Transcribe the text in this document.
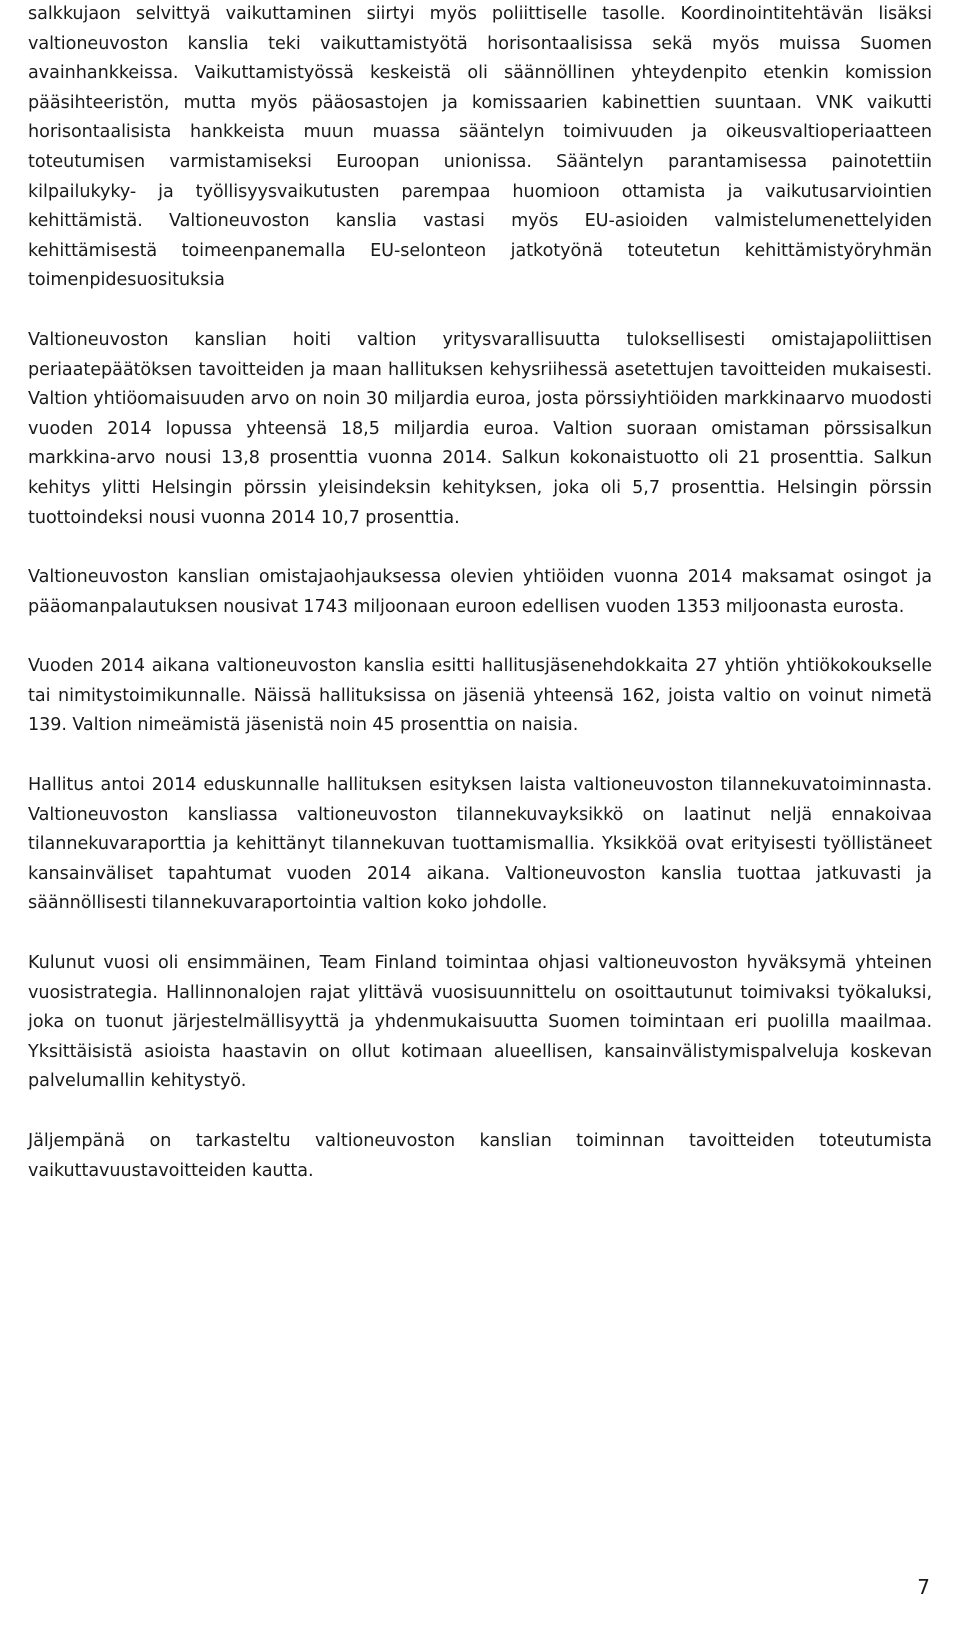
salkkujaon selvittyä vaikuttaminen siirtyi myös poliittiselle tasolle. Koordinointitehtävän lisäksi valtioneuvoston kanslia teki vaikuttamistyötä horisontaalisissa sekä myös muissa Suomen avainhankkeissa. Vaikuttamistyössä keskeistä oli säännöllinen yhteydenpito etenkin komission pääsihteeristön, mutta myös pääosastojen ja komissaarien kabinettien suuntaan. VNK vaikutti horisontaalisista hankkeista muun muassa sääntelyn toimivuuden ja oikeusvaltioperiaatteen toteutumisen varmistamiseksi Euroopan unionissa. Sääntelyn parantamisessa painotettiin kilpailukyky- ja työllisyysvaikutusten parempaa huomioon ottamista ja vaikutusarviointien kehittämistä. Valtioneuvoston kanslia vastasi myös EU-asioiden valmistelumenettelyiden kehittämisestä toimeenpanemalla EU-selonteon jatkotyönä toteutetun kehittämistyöryhmän toimenpidesuosituksia

Valtioneuvoston kanslian hoiti valtion yritysvarallisuutta tuloksellisesti omistajapoliittisen periaatepäätöksen tavoitteiden ja maan hallituksen kehysriihessä asetettujen tavoitteiden mukaisesti. Valtion yhtiöomaisuuden arvo on noin 30 miljardia euroa, josta pörssiyhtiöiden markkinaarvo muodosti vuoden 2014 lopussa yhteensä 18,5 miljardia euroa. Valtion suoraan omistaman pörssisalkun markkina-arvo nousi 13,8 prosenttia vuonna 2014. Salkun kokonaistuotto oli 21 prosenttia. Salkun kehitys ylitti Helsingin pörssin yleisindeksin kehityksen, joka oli 5,7 prosenttia. Helsingin pörssin tuottoindeksi nousi vuonna 2014 10,7 prosenttia.

Valtioneuvoston kanslian omistajaohjauksessa olevien yhtiöiden vuonna 2014 maksamat osingot ja pääomanpalautuksen nousivat 1743 miljoonaan euroon edellisen vuoden 1353 miljoonasta eurosta.

Vuoden 2014 aikana valtioneuvoston kanslia esitti hallitusjäsenehdokkaita 27 yhtiön yhtiökokoukselle tai nimitystoimikunnalle. Näissä hallituksissa on jäseniä yhteensä 162, joista valtio on voinut nimetä 139. Valtion nimeämistä jäsenistä noin 45 prosenttia on naisia.

Hallitus antoi 2014 eduskunnalle hallituksen esityksen laista valtioneuvoston tilannekuvatoiminnasta. Valtioneuvoston kansliassa valtioneuvoston tilannekuvayksikkö on laatinut neljä ennakoivaa tilannekuvaraporttia ja kehittänyt tilannekuvan tuottamismallia. Yksikköä ovat erityisesti työllistäneet kansainväliset tapahtumat vuoden 2014 aikana. Valtioneuvoston kanslia tuottaa jatkuvasti ja säännöllisesti tilannekuvaraportointia valtion koko johdolle.

Kulunut vuosi oli ensimmäinen, Team Finland toimintaa ohjasi valtioneuvoston hyväksymä yhteinen vuosistrategia. Hallinnonalojen rajat ylittävä vuosisuunnittelu on osoittautunut toimivaksi työkaluksi, joka on tuonut järjestelmällisyyttä ja yhdenmukaisuutta Suomen toimintaan eri puolilla maailmaa. Yksittäisistä asioista haastavin on ollut kotimaan alueellisen, kansainvälistymispalveluja koskevan palvelumallin kehitystyö.

Jäljempänä on tarkasteltu valtioneuvoston kanslian toiminnan tavoitteiden toteutumista vaikuttavuustavoitteiden kautta.

7
